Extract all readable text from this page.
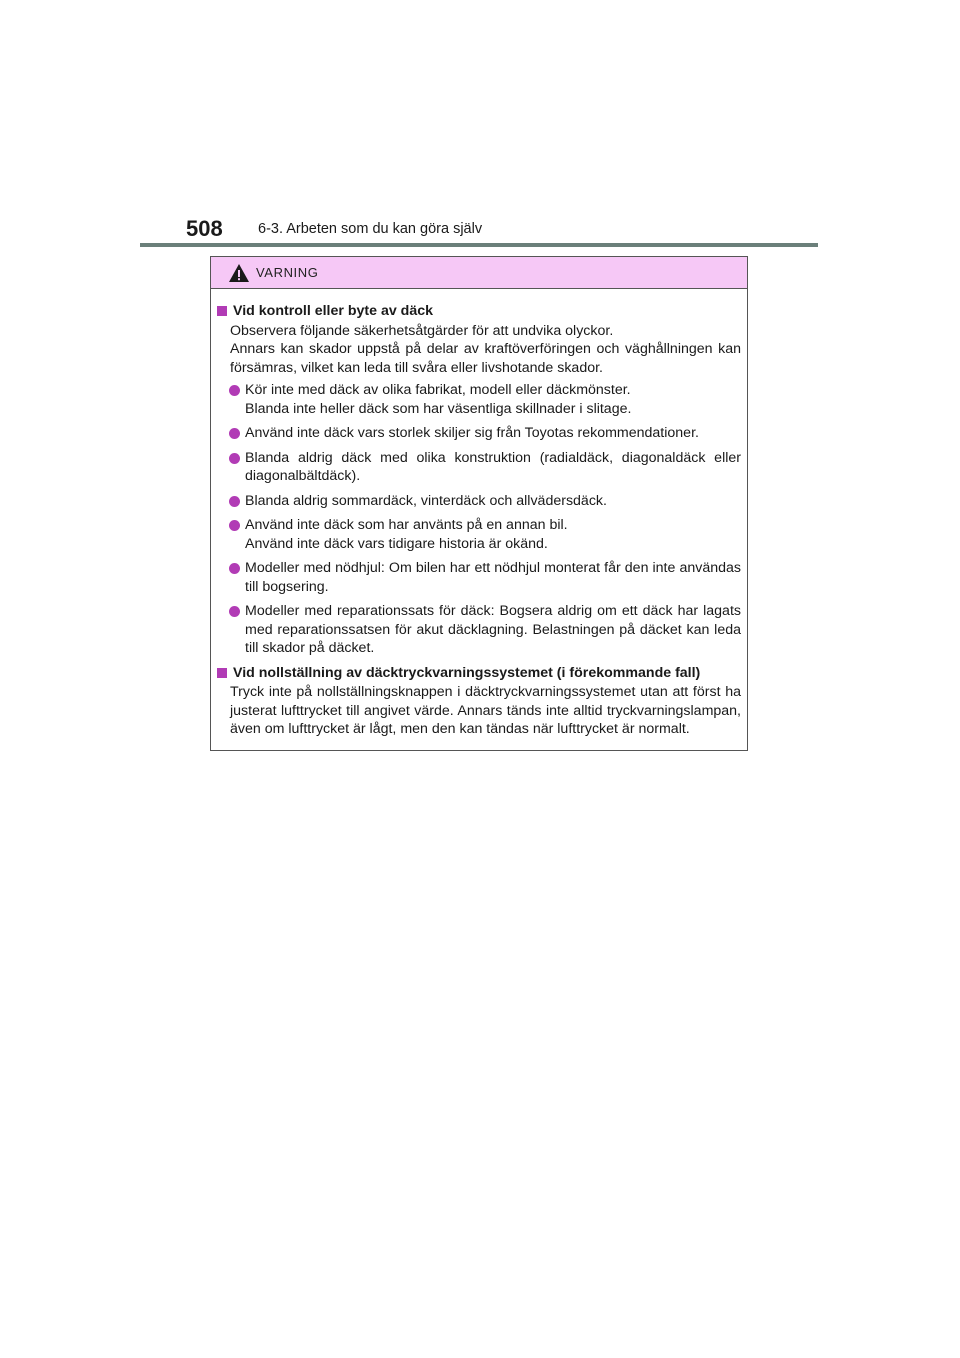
508 6-3. Arbeten som du kan göra själv
VARNING
Vid kontroll eller byte av däck
Observera följande säkerhetsåtgärder för att undvika olyckor.
Annars kan skador uppstå på delar av kraftöverföringen och väghållningen kan försämras, vilket kan leda till svåra eller livshotande skador.
Kör inte med däck av olika fabrikat, modell eller däckmönster.
Blanda inte heller däck som har väsentliga skillnader i slitage.
Använd inte däck vars storlek skiljer sig från Toyotas rekommendationer.
Blanda aldrig däck med olika konstruktion (radialdäck, diagonaldäck eller diagonalbältdäck).
Blanda aldrig sommardäck, vinterdäck och allvädersdäck.
Använd inte däck som har använts på en annan bil.
Använd inte däck vars tidigare historia är okänd.
Modeller med nödhjul: Om bilen har ett nödhjul monterat får den inte användas till bogsering.
Modeller med reparationssats för däck: Bogsera aldrig om ett däck har lagats med reparationssatsen för akut däcklagning. Belastningen på däcket kan leda till skador på däcket.
Vid nollställning av däcktryckvarningssystemet (i förekommande fall)
Tryck inte på nollställningsknappen i däcktryckvarningssystemet utan att först ha justerat lufttrycket till angivet värde. Annars tänds inte alltid tryckvarningslampan, även om lufttrycket är lågt, men den kan tändas när lufttrycket är normalt.
